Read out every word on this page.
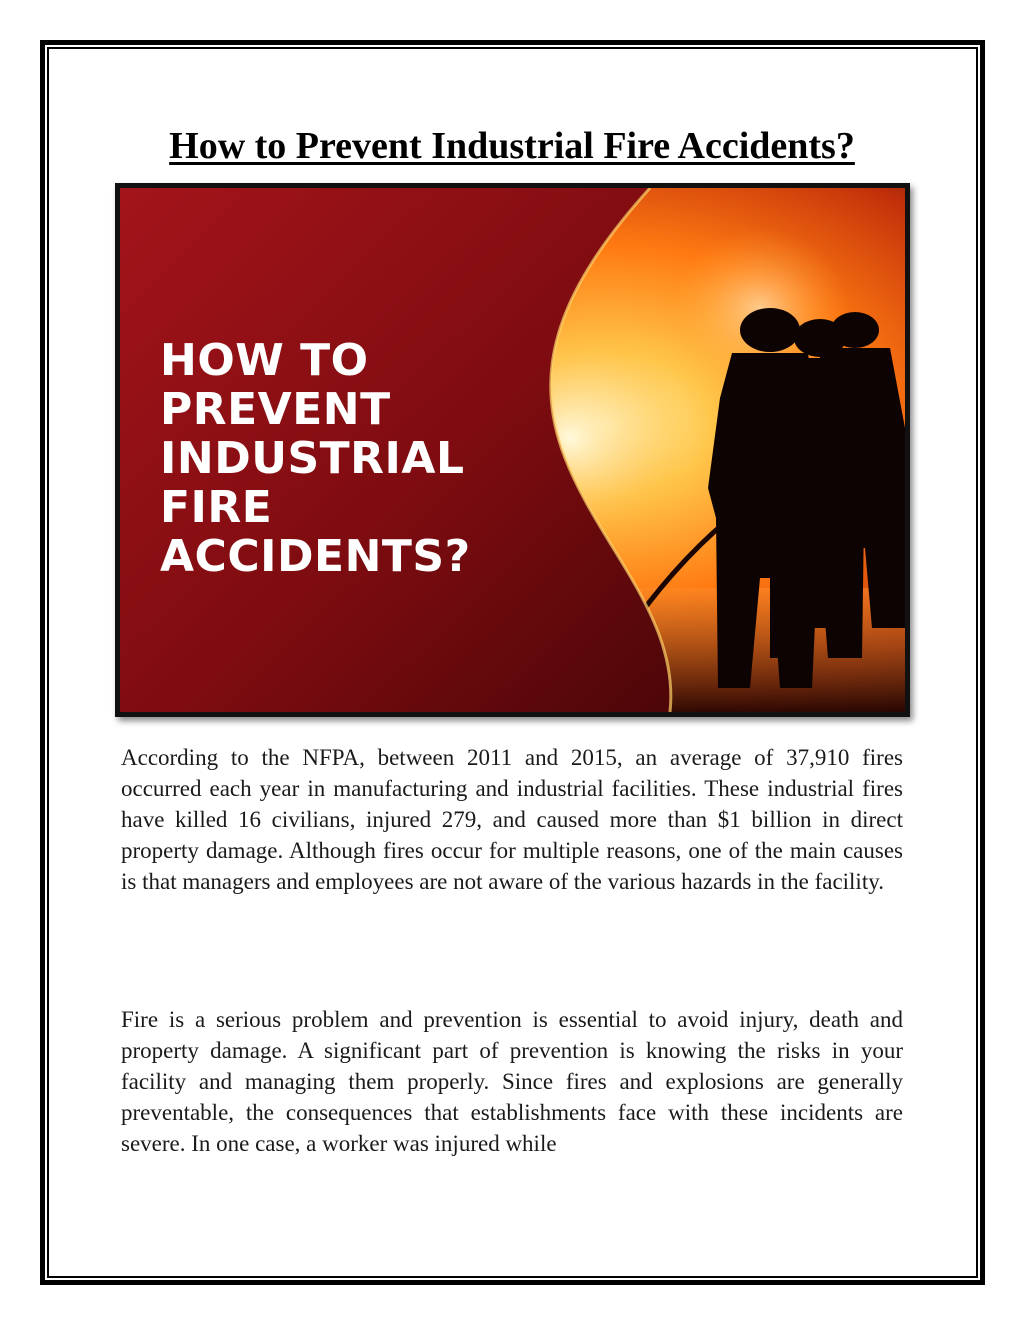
How to Prevent Industrial Fire Accidents?
HOW TO
PREVENT
INDUSTRIAL
FIRE
ACCIDENTS?

According to the NFPA, between 2011 and 2015, an average of 37,910 fires occurred each year in manufacturing and industrial facilities. These industrial fires have killed 16 civilians, injured 279, and caused more than $1 billion in direct property damage. Although fires occur for multiple reasons, one of the main causes is that managers and employees are not aware of the various hazards in the facility.

Fire is a serious problem and prevention is essential to avoid injury, death and property damage. A significant part of prevention is knowing the risks in your facility and managing them properly. Since fires and explosions are generally preventable, the consequences that establishments face with these incidents are severe. In one case, a worker was injured while
